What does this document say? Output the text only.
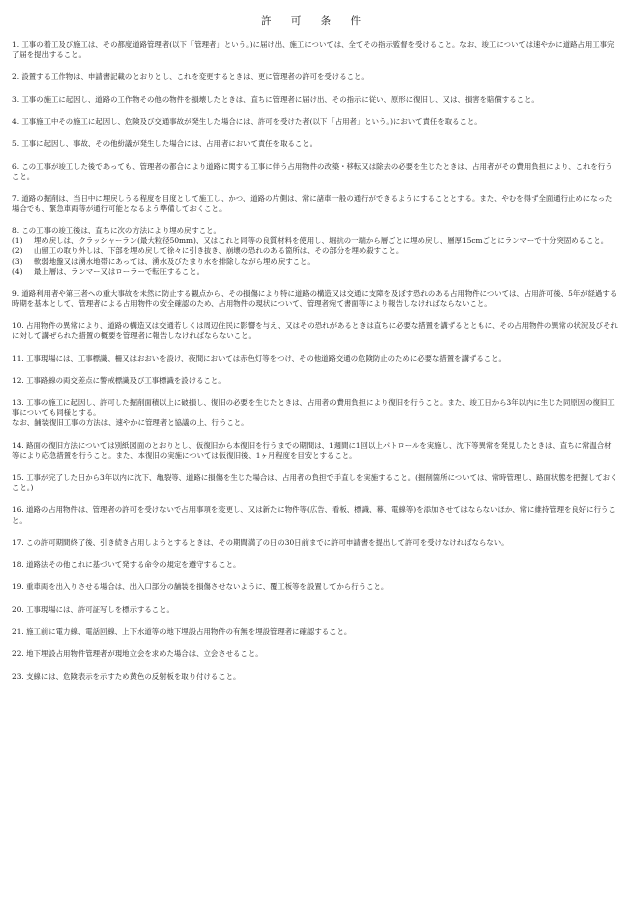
許 可 条 件

1. 工事の着工及び施工は、その都度道路管理者(以下「管理者」という。)に届け出、施工については、全てその指示監督を受けること。なお、竣工については速やかに道路占用工事完了届を提出すること。

2. 設置する工作物は、申請書記載のとおりとし、これを変更するときは、更に管理者の許可を受けること。

3. 工事の施工に起因し、道路の工作物その他の物件を損壊したときは、直ちに管理者に届け出、その指示に従い、原形に復旧し、又は、損害を賠償すること。

4. 工事施工中その施工に起因し、危険及び交通事故が発生した場合には、許可を受けた者(以下「占用者」という。)において責任を取ること。

5. 工事に起因し、事故、その他紛議が発生した場合には、占用者において責任を取ること。

6. この工事が竣工した後であっても、管理者の都合により道路に関する工事に伴う占用物件の改築・移転又は除去の必要を生じたときは、占用者がその費用負担により、これを行うこと。

7. 道路の掘削は、当日中に埋戻しうる程度を目度として施工し、かつ、道路の片側は、常に諸車一般の通行ができるようにすることとする。また、やむを得ず全面通行止めになった場合でも、緊急車両等が通行可能となるよう準備しておくこと。

8. この工事の竣工後は、直ちに次の方法により埋め戻すこと。

(1)	埋め戻しは、クラッシャーラン(最大粒径50mm)、又はこれと同等の良質材料を使用し、堀抗の一端から層ごとに埋め戻し、層厚15cmごとにランマーで十分突固めること。
(2)	山留工の取り外しは、下部を埋め戻して徐々に引き抜き、崩壊の恐れのある箇所は、その部分を埋め殺すこと。
(3)	軟弱地盤又は湧水地帯にあっては、湧水及びたまり水を排除しながら埋め戻すこと。
(4)	最上層は、ランマー又はローラーで転圧すること。

9. 道路利用者や第三者への重大事故を未然に防止する観点から、その損傷により特に道路の構造又は交通に支障を及ぼす恐れのある占用物件については、占用許可後、5年が経過する時期を基本として、管理者による占用物件の安全確認のため、占用物件の現状について、管理者宛て書面等により報告しなければならないこと。

10. 占用物件の異常により、道路の構造又は交通若しくは周辺住民に影響を与え、又はその恐れがあるときは直ちに必要な措置を講ずるとともに、その占用物件の異常の状況及びそれに対して講ぜられた措置の概要を管理者に報告しなければならないこと。

11. 工事現場には、工事標識、柵又はおおいを設け、夜間においては赤色灯等をつけ、その他道路交通の危険防止のために必要な措置を講ずること。

12. 工事路線の両交差点に警戒標識及び工事標識を設けること。

13. 工事の施工に起因し、許可した掘削面積以上に破損し、復旧の必要を生じたときは、占用者の費用負担により復旧を行うこと。また、竣工日から3年以内に生じた同原因の復旧工事についても同様とする。

なお、舗装復旧工事の方法は、速やかに管理者と協議の上、行うこと。

14. 路面の復旧方法については別紙図面のとおりとし、仮復旧から本復旧を行うまでの期間は、1週間に1回以上パトロールを実施し、沈下等異常を発見したときは、直ちに常温合材等により応急措置を行うこと。また、本復旧の実施については仮復旧後、1ヶ月程度を目安とすること。

15. 工事が完了した日から3年以内に沈下、亀裂等、道路に損傷を生じた場合は、占用者の負担で手直しを実施すること。(掘削箇所については、常時管理し、路面状態を把握しておくこと。)

16. 道路の占用物件は、管理者の許可を受けないで占用事項を変更し、又は新たに物件等(広告、看板、標識、幕、電線等)を添加させてはならないほか、常に維持管理を良好に行うこと。

17. この許可期間終了後、引き続き占用しようとするときは、その期間満了の日の30日前までに許可申請書を提出して許可を受けなければならない。

18. 道路法その他これに基づいて発する命令の規定を遵守すること。

19. 重車両を出入りさせる場合は、出入口部分の舗装を損傷させないように、覆工板等を設置してから行うこと。

20. 工事現場には、許可証写しを標示すること。

21. 施工前に電力線、電話回線、上下水道等の地下埋設占用物件の有無を埋設管理者に確認すること。

22. 地下埋設占用物件管理者が現地立会を求めた場合は、立会させること。

23. 支線には、危険表示を示すため黄色の反射板を取り付けること。
